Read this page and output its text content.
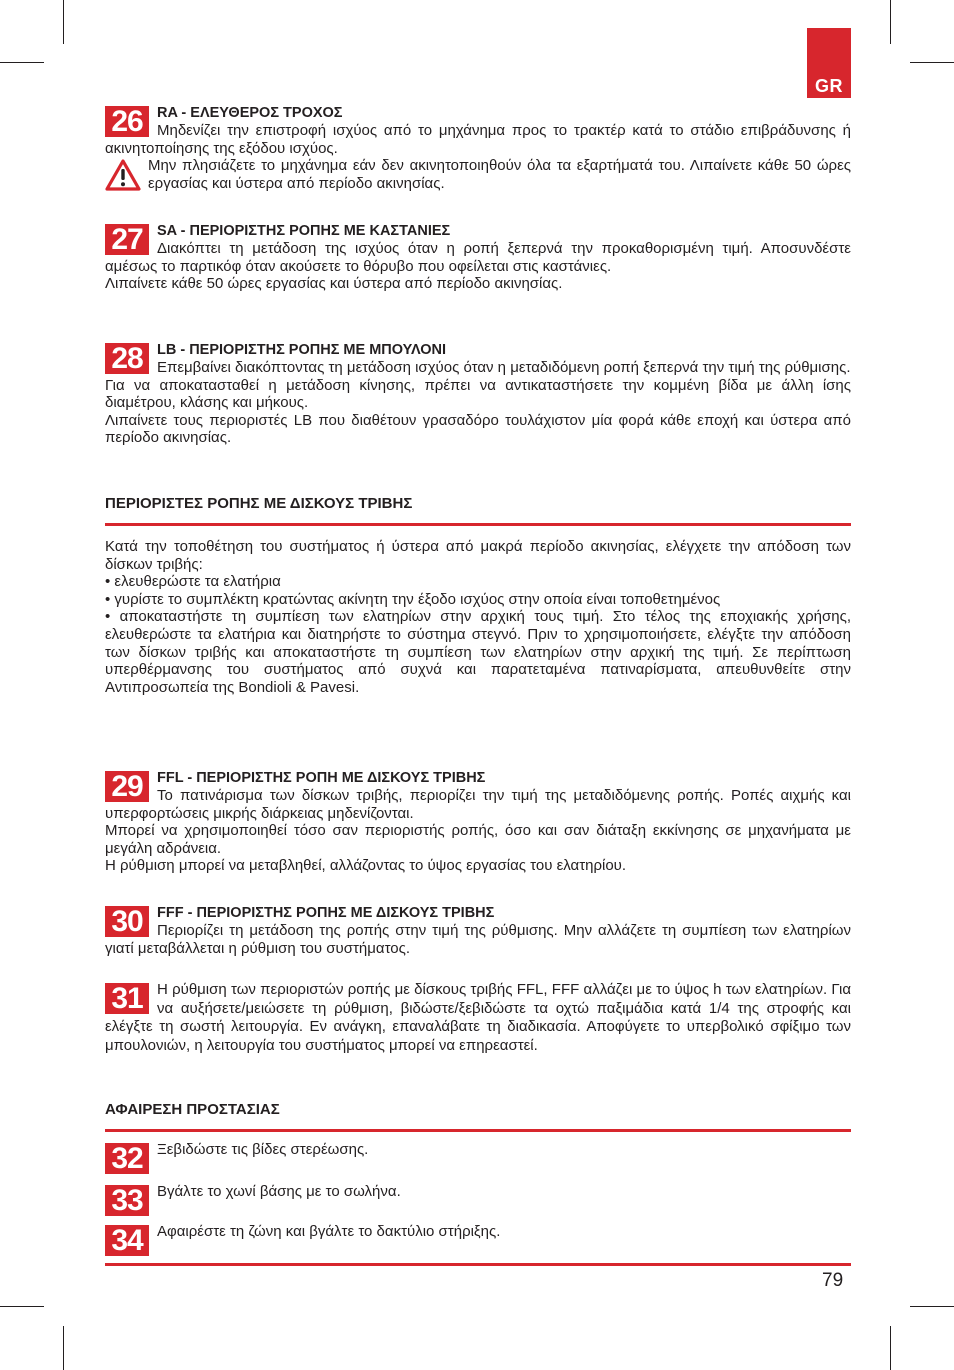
GR
26 RA - ΕΛΕΥΘΕΡΟΣ ΤΡΟΧΟΣ

Μηδενίζει την επιστροφή ισχύος από το μηχάνημα προς το τρακτέρ κατά το στάδιο επιβράδυνσης ή ακινητοποίησης της εξόδου ισχύος.

Μην πλησιάζετε το μηχάνημα εάν δεν ακινητοποιηθούν όλα τα εξαρτήματά του. Λιπαίνετε κάθε 50 ώρες εργασίας και ύστερα από περίοδο ακινησίας.

27 SA - ΠΕΡΙΟΡΙΣΤΗΣ ΡΟΠΗΣ ΜΕ ΚΑΣΤΑΝΙΕΣ

Διακόπτει τη μετάδοση της ισχύος όταν η ροπή ξεπερνά την προκαθορισμένη τιμή. Αποσυνδέστε αμέσως το παρτικόφ όταν ακούσετε το θόρυβο που οφείλεται στις καστάνιες.

Λιπαίνετε κάθε 50 ώρες εργασίας και ύστερα από περίοδο ακινησίας.

28 LB - ΠΕΡΙΟΡΙΣΤΗΣ ΡΟΠΗΣ ΜΕ ΜΠΟΥΛΟΝΙ

Επεμβαίνει διακόπτοντας τη μετάδοση ισχύος όταν η μεταδιδόμενη ροπή ξεπερνά την τιμή της ρύθμισης.

Για να αποκατασταθεί η μετάδοση κίνησης, πρέπει να αντικαταστήσετε την κομμένη βίδα με άλλη ίσης διαμέτρου, κλάσης και μήκους.

Λιπαίνετε τους περιοριστές LB που διαθέτουν γρασαδόρο τουλάχιστον μία φορά κάθε εποχή και ύστερα από περίοδο ακινησίας.

ΠΕΡΙΟΡΙΣΤΕΣ ΡΟΠΗΣ ΜΕ ΔΙΣΚΟΥΣ ΤΡΙΒΗΣ

Κατά την τοποθέτηση του συστήματος ή ύστερα από μακρά περίοδο ακινησίας, ελέγχετε την απόδοση των δίσκων τριβής:

• ελευθερώστε τα ελατήρια

• γυρίστε το συμπλέκτη κρατώντας ακίνητη την έξοδο ισχύος στην οποία είναι τοποθετημένος

• αποκαταστήστε τη συμπίεση των ελατηρίων στην αρχική τους τιμή. Στο τέλος της εποχιακής χρήσης, ελευθερώστε τα ελατήρια και διατηρήστε το σύστημα στεγνό. Πριν το χρησιμοποιήσετε, ελέγξτε την απόδοση των δίσκων τριβής και αποκαταστήστε τη συμπίεση των ελατηρίων στην αρχική της τιμή. Σε περίπτωση υπερθέρμανσης του συστήματος από συχνά και παρατεταμένα πατιναρίσματα, απευθυνθείτε στην Αντιπροσωπεία της Bondioli & Pavesi.

29 FFL - ΠΕΡΙΟΡΙΣΤΗΣ ΡΟΠΗ ΜΕ ΔΙΣΚΟΥΣ ΤΡΙΒΗΣ

Το πατινάρισμα των δίσκων τριβής, περιορίζει την τιμή της μεταδιδόμενης ροπής. Ροπές αιχμής και υπερφορτώσεις μικρής διάρκειας μηδενίζονται.

Μπορεί να χρησιμοποιηθεί τόσο σαν περιοριστής ροπής, όσο και σαν διάταξη εκκίνησης σε μηχανήματα με μεγάλη αδράνεια.

Η ρύθμιση μπορεί να μεταβληθεί, αλλάζοντας το ύψος εργασίας του ελατηρίου.

30 FFF - ΠΕΡΙΟΡΙΣΤΗΣ ΡΟΠΗΣ ΜΕ ΔΙΣΚΟΥΣ ΤΡΙΒΗΣ

Περιορίζει τη μετάδοση της ροπής στην τιμή της ρύθμισης. Μην αλλάζετε τη συμπίεση των ελατηρίων γιατί μεταβάλλεται η ρύθμιση του συστήματος.

31 Η ρύθμιση των περιοριστών ροπής με δίσκους τριβής FFL, FFF αλλάζει με το ύψος h των ελατηρίων. Για να αυξήσετε/μειώσετε τη ρύθμιση, βιδώστε/ξεβιδώστε τα οχτώ παξιμάδια κατά 1/4 της στροφής και ελέγξτε τη σωστή λειτουργία. Εν ανάγκη, επαναλάβατε τη διαδικασία. Αποφύγετε το υπερβολικό σφίξιμο των μπουλονιών, η λειτουργία του συστήματος μπορεί να επηρεαστεί.

ΑΦΑΙΡΕΣΗ ΠΡΟΣΤΑΣΙΑΣ
32 Ξεβιδώστε τις βίδες στερέωσης.

33 Βγάλτε το χωνί βάσης με το σωλήνα.

34 Αφαιρέστε τη ζώνη και βγάλτε το δακτύλιο στήριξης.

79
